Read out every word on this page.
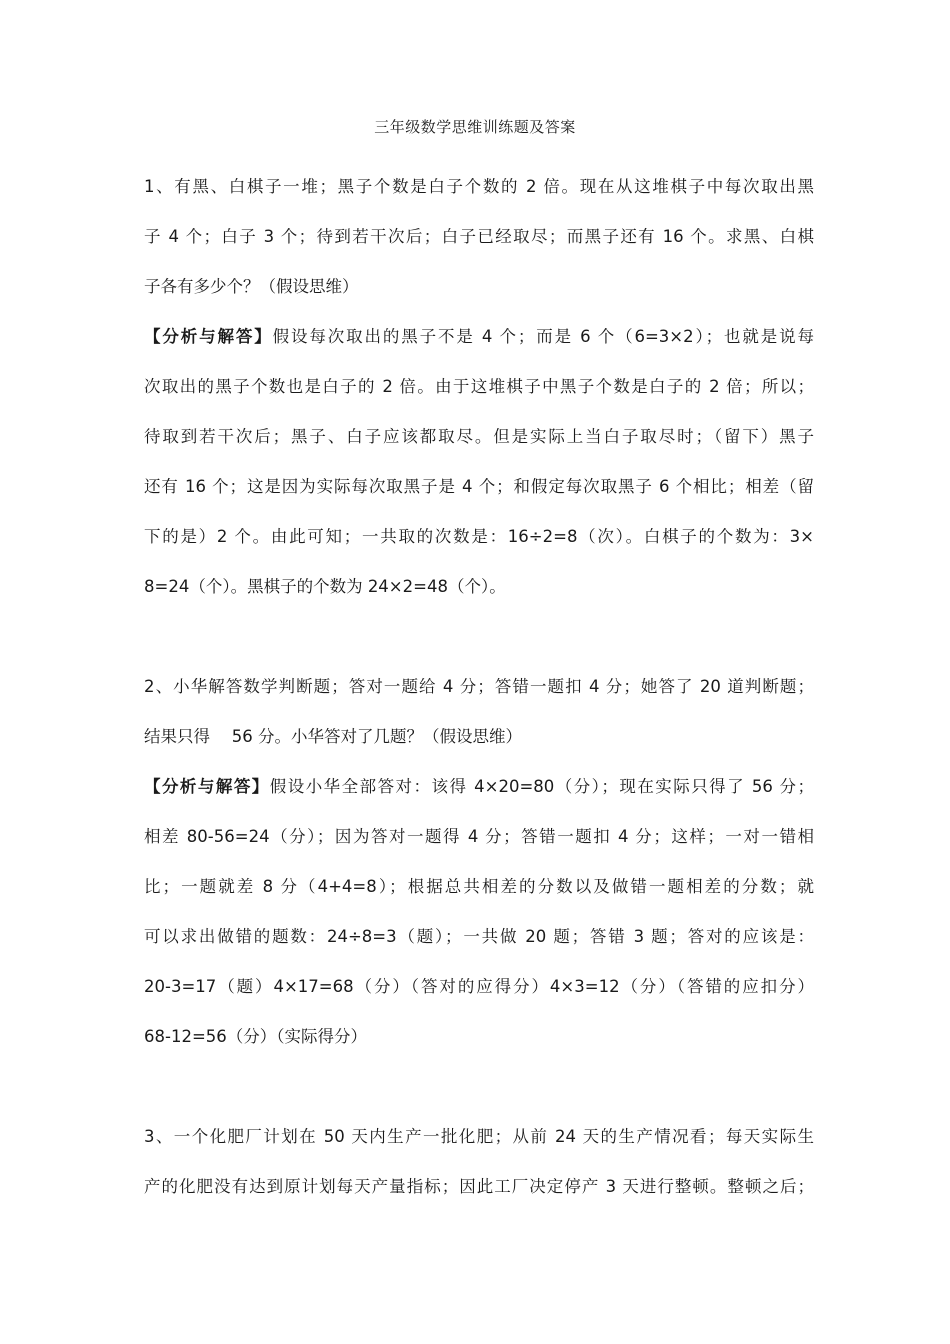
三年级数学思维训练题及答案
1、有黑、白棋子一堆；黑子个数是白子个数的 2 倍。现在从这堆棋子中每次取出黑
子 4 个；白子 3 个；待到若干次后；白子已经取尽；而黑子还有 16 个。求黑、白棋
子各有多少个？（假设思维）
【分析与解答】假设每次取出的黑子不是 4 个；而是 6 个（6=3×2）；也就是说每
次取出的黑子个数也是白子的 2 倍。由于这堆棋子中黑子个数是白子的 2 倍；所以；
待取到若干次后；黑子、白子应该都取尽。但是实际上当白子取尽时；（留下）黑子
还有 16 个；这是因为实际每次取黑子是 4 个；和假定每次取黑子 6 个相比；相差（留
下的是）2 个。由此可知；一共取的次数是：16÷2=8（次）。白棋子的个数为：3×
8=24（个）。黑棋子的个数为 24×2=48（个）。
2、小华解答数学判断题；答对一题给 4 分；答错一题扣 4 分；她答了 20 道判断题；
结果只得　 56 分。小华答对了几题？（假设思维）
【分析与解答】假设小华全部答对：该得 4×20=80（分）；现在实际只得了 56 分；
相差 80-56=24（分）；因为答对一题得 4 分；答错一题扣 4 分；这样；一对一错相
比；一题就差 8 分（4+4=8）；根据总共相差的分数以及做错一题相差的分数；就
可以求出做错的题数：24÷8=3（题）；一共做 20 题；答错 3 题；答对的应该是：
20-3=17（题）4×17=68（分）（答对的应得分）4×3=12（分）（答错的应扣分）
68-12=56（分）（实际得分）
3、一个化肥厂计划在 50 天内生产一批化肥；从前 24 天的生产情况看；每天实际生
产的化肥没有达到原计划每天产量指标；因此工厂决定停产 3 天进行整顿。整顿之后；
